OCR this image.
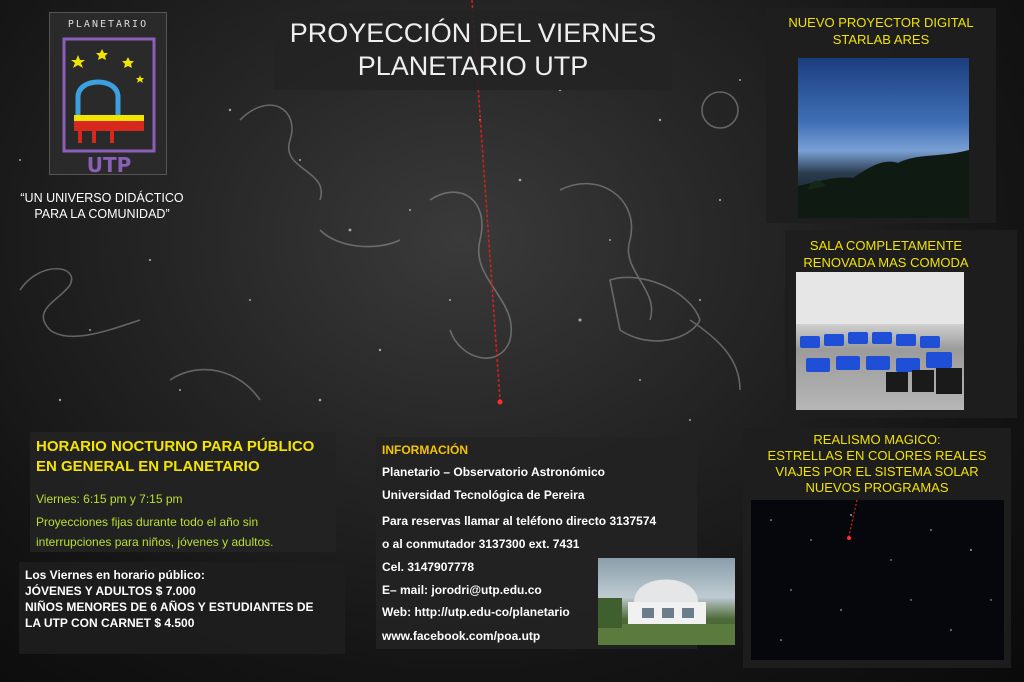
PLANETARIO
UTP
“UN UNIVERSO DIDÁCTICO
PARA LA COMUNIDAD”
PROYECCIÓN DEL VIERNES
PLANETARIO UTP
NUEVO PROYECTOR DIGITAL
STARLAB ARES
SALA COMPLETAMENTE
RENOVADA MAS COMODA
REALISMO MAGICO:
ESTRELLAS EN COLORES REALES
VIAJES POR EL SISTEMA SOLAR
NUEVOS PROGRAMAS
HORARIO NOCTURNO PARA PÚBLICO
EN GENERAL EN PLANETARIO
Viernes: 6:15 pm y 7:15 pm
Proyecciones fijas durante todo el año sin
interrupciones para niños, jóvenes y adultos.
Los Viernes en horario público:
JÓVENES Y ADULTOS $ 7.000
NIÑOS MENORES DE 6 AÑOS Y ESTUDIANTES DE
LA UTP CON CARNET $ 4.500
INFORMACIÓN
Planetario – Observatorio Astronómico
Universidad Tecnológica de Pereira
Para reservas llamar al teléfono directo 3137574
o al conmutador 3137300 ext. 7431
Cel. 3147907778
E– mail: jorodri@utp.edu.co
Web: http://utp.edu-co/planetario
www.facebook.com/poa.utp
